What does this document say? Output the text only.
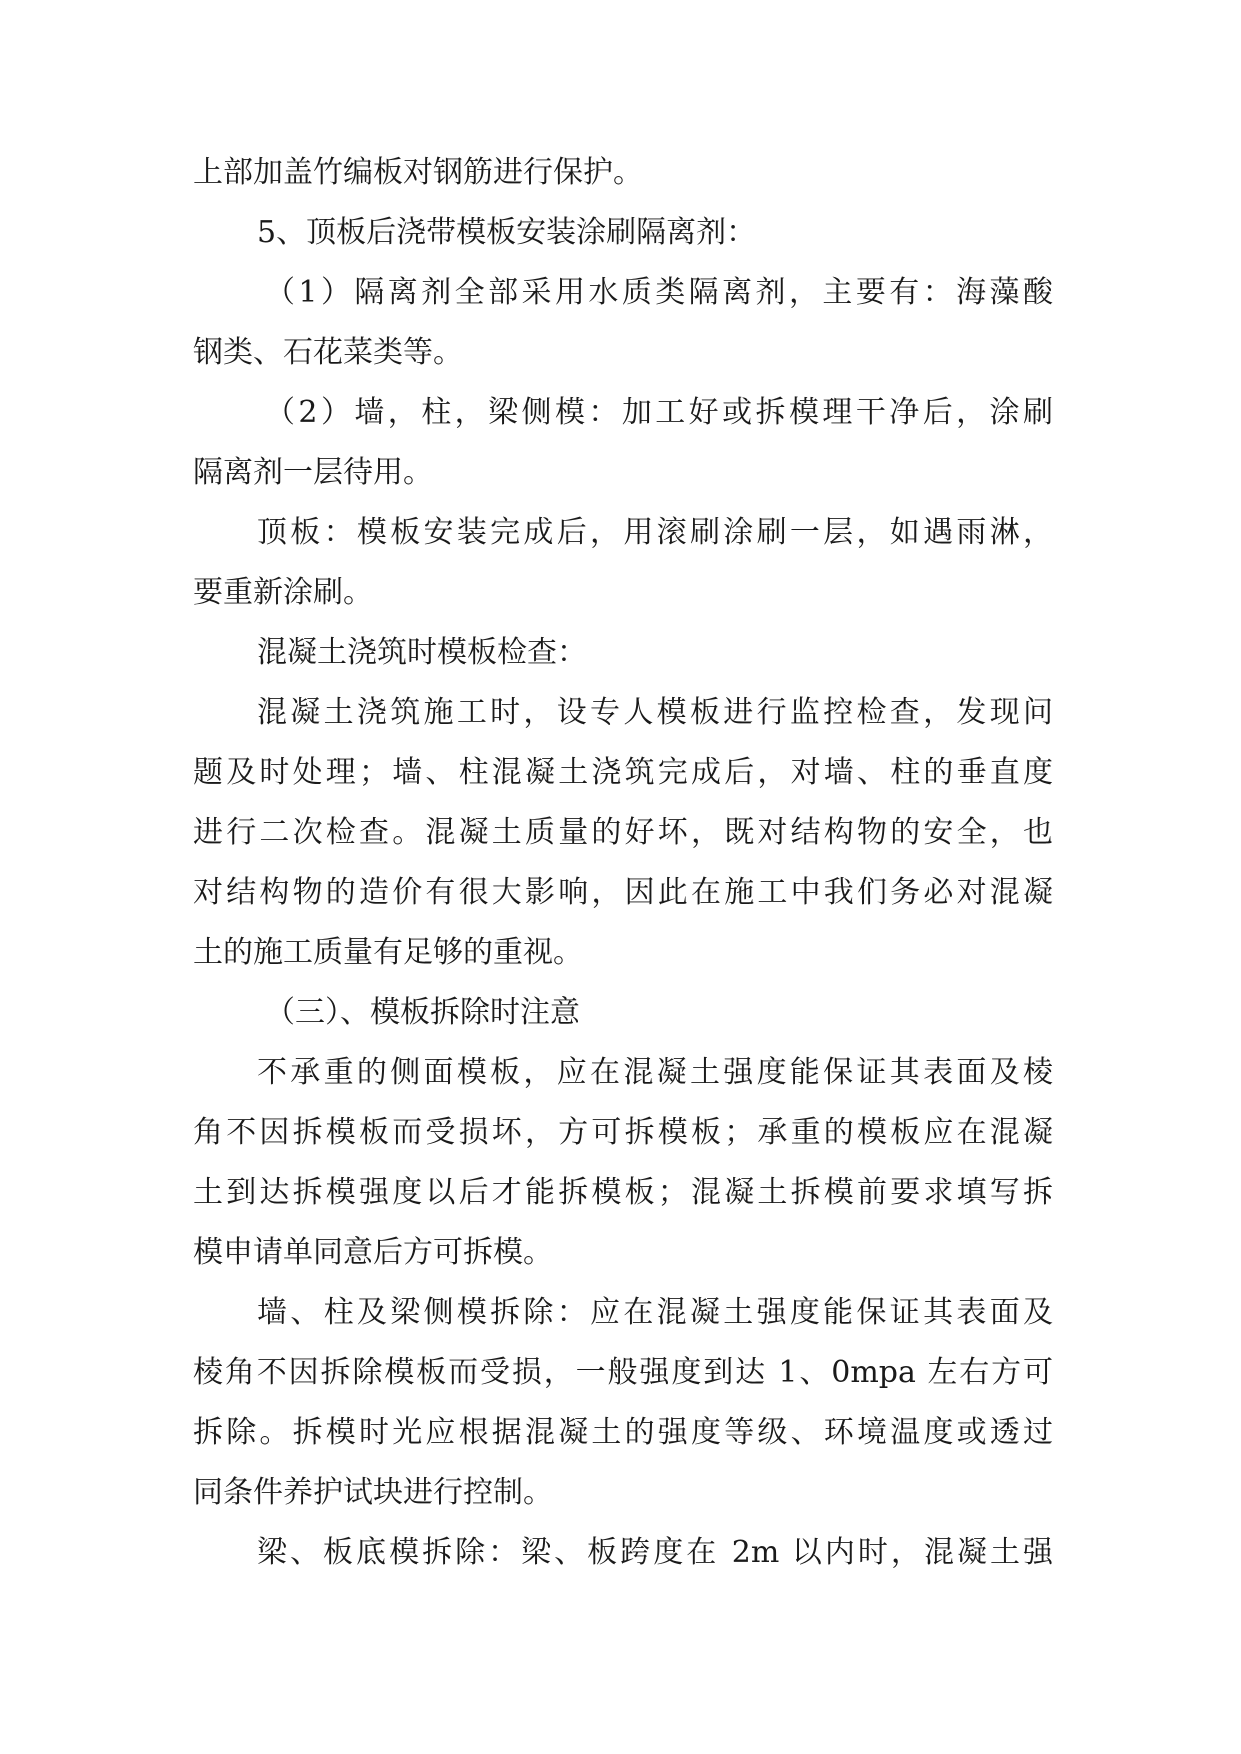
上部加盖竹编板对钢筋进行保护。
5、顶板后浇带模板安装涂刷隔离剂：
（1）隔离剂全部采用水质类隔离剂，主要有：海藻酸
钢类、石花菜类等。
（2）墙，柱，梁侧模：加工好或拆模理干净后，涂刷
隔离剂一层待用。
顶板：模板安装完成后，用滚刷涂刷一层，如遇雨淋，
要重新涂刷。
混凝土浇筑时模板检查：
混凝土浇筑施工时，设专人模板进行监控检查，发现问
题及时处理；墙、柱混凝土浇筑完成后，对墙、柱的垂直度
进行二次检查。混凝土质量的好坏，既对结构物的安全，也
对结构物的造价有很大影响，因此在施工中我们务必对混凝
土的施工质量有足够的重视。
（三）、模板拆除时注意
不承重的侧面模板，应在混凝土强度能保证其表面及棱
角不因拆模板而受损坏，方可拆模板；承重的模板应在混凝
土到达拆模强度以后才能拆模板；混凝土拆模前要求填写拆
模申请单同意后方可拆模。
墙、柱及梁侧模拆除：应在混凝土强度能保证其表面及
棱角不因拆除模板而受损，一般强度到达 1、0mpa 左右方可
拆除。拆模时光应根据混凝土的强度等级、环境温度或透过
同条件养护试块进行控制。
梁、板底模拆除：梁、板跨度在 2m 以内时，混凝土强
